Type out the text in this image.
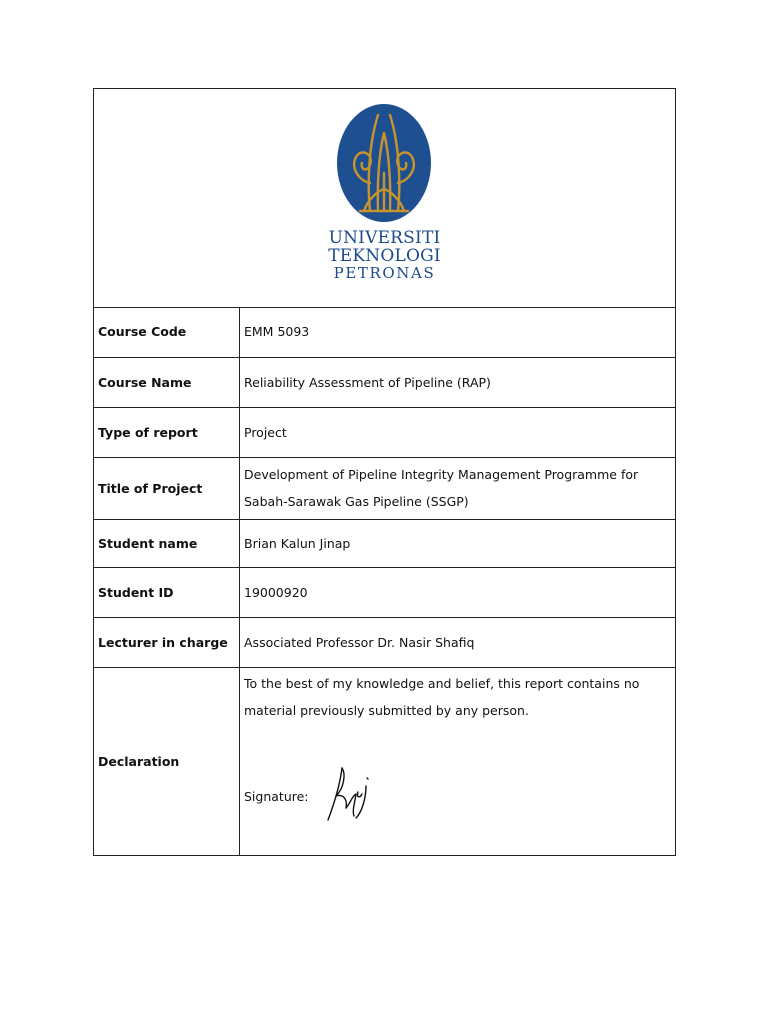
UNIVERSITI
TEKNOLOGI
PETRONAS
Course Code	EMM 5093
Course Name	Reliability Assessment of Pipeline (RAP)
Type of report	Project
Title of Project	Development of Pipeline Integrity Management Programme for Sabah-Sarawak Gas Pipeline (SSGP)
Student name	Brian Kalun Jinap
Student ID	19000920
Lecturer in charge	Associated Professor Dr. Nasir Shafiq
Declaration	To the best of my knowledge and belief, this report contains no material previously submitted by any person.
Signature:
